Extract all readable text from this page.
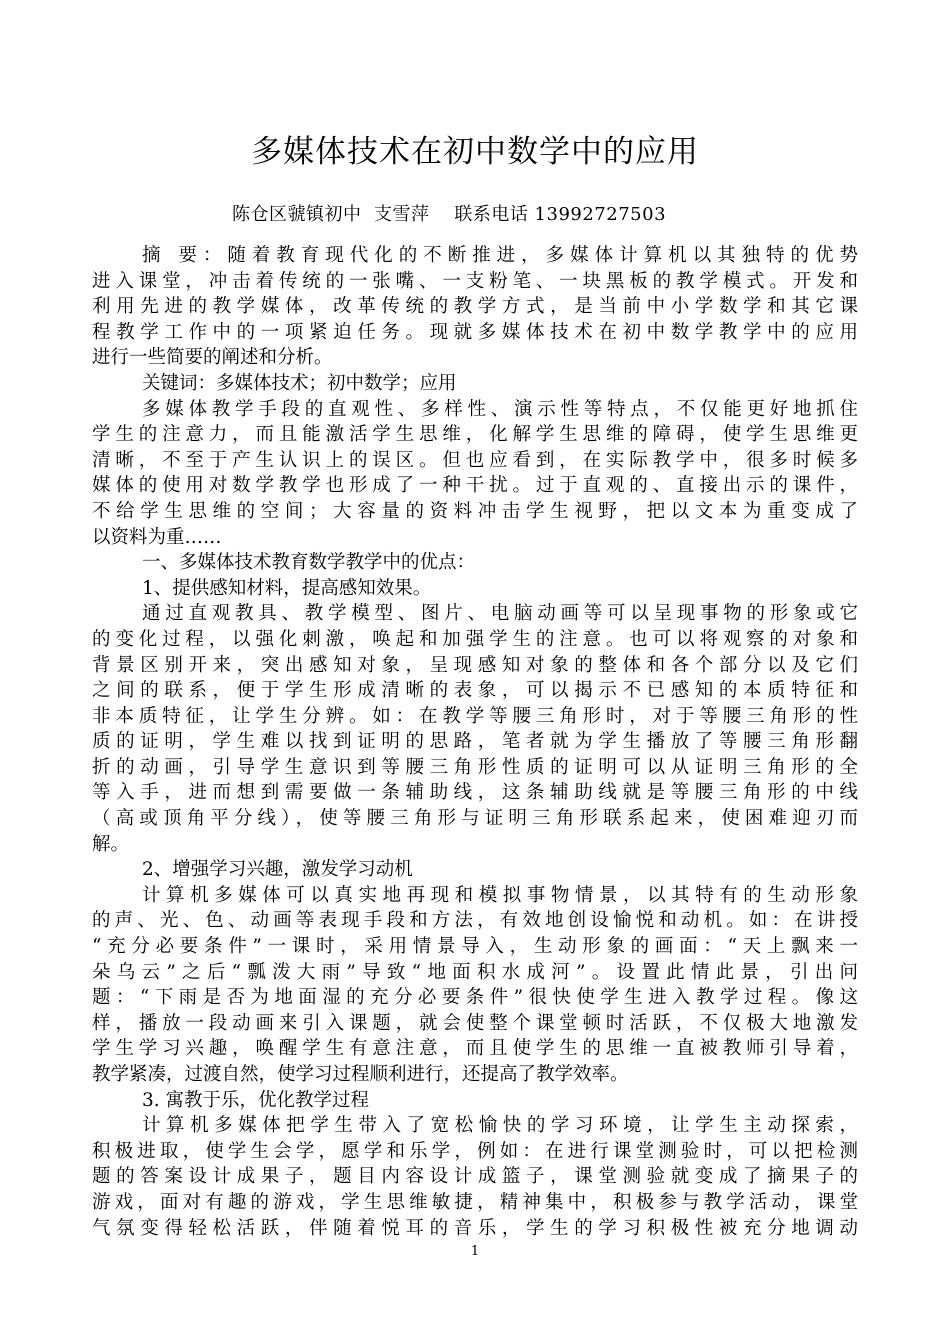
多媒体技术在初中数学中的应用
陈仓区虢镇初中  支雪萍    联系电话 13992727503
摘 要：随着教育现代化的不断推进，多媒体计算机以其独特的优势
进入课堂，冲击着传统的一张嘴、一支粉笔、一块黑板的教学模式。开发和
利用先进的教学媒体，改革传统的教学方式，是当前中小学数学和其它课
程教学工作中的一项紧迫任务。现就多媒体技术在初中数学教学中的应用
进行一些简要的阐述和分析。
关键词：多媒体技术；初中数学；应用
多媒体教学手段的直观性、多样性、演示性等特点，不仅能更好地抓住
学生的注意力，而且能激活学生思维，化解学生思维的障碍，使学生思维更
清晰，不至于产生认识上的误区。但也应看到，在实际教学中，很多时候多
媒体的使用对数学教学也形成了一种干扰。过于直观的、直接出示的课件，
不给学生思维的空间；大容量的资料冲击学生视野，把以文本为重变成了
以资料为重……
一、多媒体技术教育数学教学中的优点：
1、提供感知材料，提高感知效果。
通过直观教具、教学模型、图片、电脑动画等可以呈现事物的形象或它
的变化过程，以强化刺激，唤起和加强学生的注意。也可以将观察的对象和
背景区别开来，突出感知对象，呈现感知对象的整体和各个部分以及它们
之间的联系，便于学生形成清晰的表象，可以揭示不已感知的本质特征和
非本质特征，让学生分辨。如：在教学等腰三角形时，对于等腰三角形的性
质的证明，学生难以找到证明的思路，笔者就为学生播放了等腰三角形翻
折的动画，引导学生意识到等腰三角形性质的证明可以从证明三角形的全
等入手，进而想到需要做一条辅助线，这条辅助线就是等腰三角形的中线
（高或顶角平分线），使等腰三角形与证明三角形联系起来，使困难迎刃而
解。
2、增强学习兴趣，激发学习动机
计算机多媒体可以真实地再现和模拟事物情景，以其特有的生动形象
的声、光、色、动画等表现手段和方法，有效地创设愉悦和动机。如：在讲授
“充分必要条件”一课时，采用情景导入，生动形象的画面：“天上飘来一
朵乌云”之后“瓢泼大雨”导致“地面积水成河”。设置此情此景，引出问
题：“下雨是否为地面湿的充分必要条件”很快使学生进入教学过程。像这
样，播放一段动画来引入课题，就会使整个课堂顿时活跃，不仅极大地激发
学生学习兴趣，唤醒学生有意注意，而且使学生的思维一直被教师引导着，
教学紧凑，过渡自然，使学习过程顺利进行，还提高了教学效率。
3. 寓教于乐，优化教学过程
计算机多媒体把学生带入了宽松愉快的学习环境，让学生主动探索，
积极进取，使学生会学，愿学和乐学，例如：在进行课堂测验时，可以把检测
题的答案设计成果子，题目内容设计成篮子，课堂测验就变成了摘果子的
游戏，面对有趣的游戏，学生思维敏捷，精神集中，积极参与教学活动，课堂
气氛变得轻松活跃，伴随着悦耳的音乐，学生的学习积极性被充分地调动
1
